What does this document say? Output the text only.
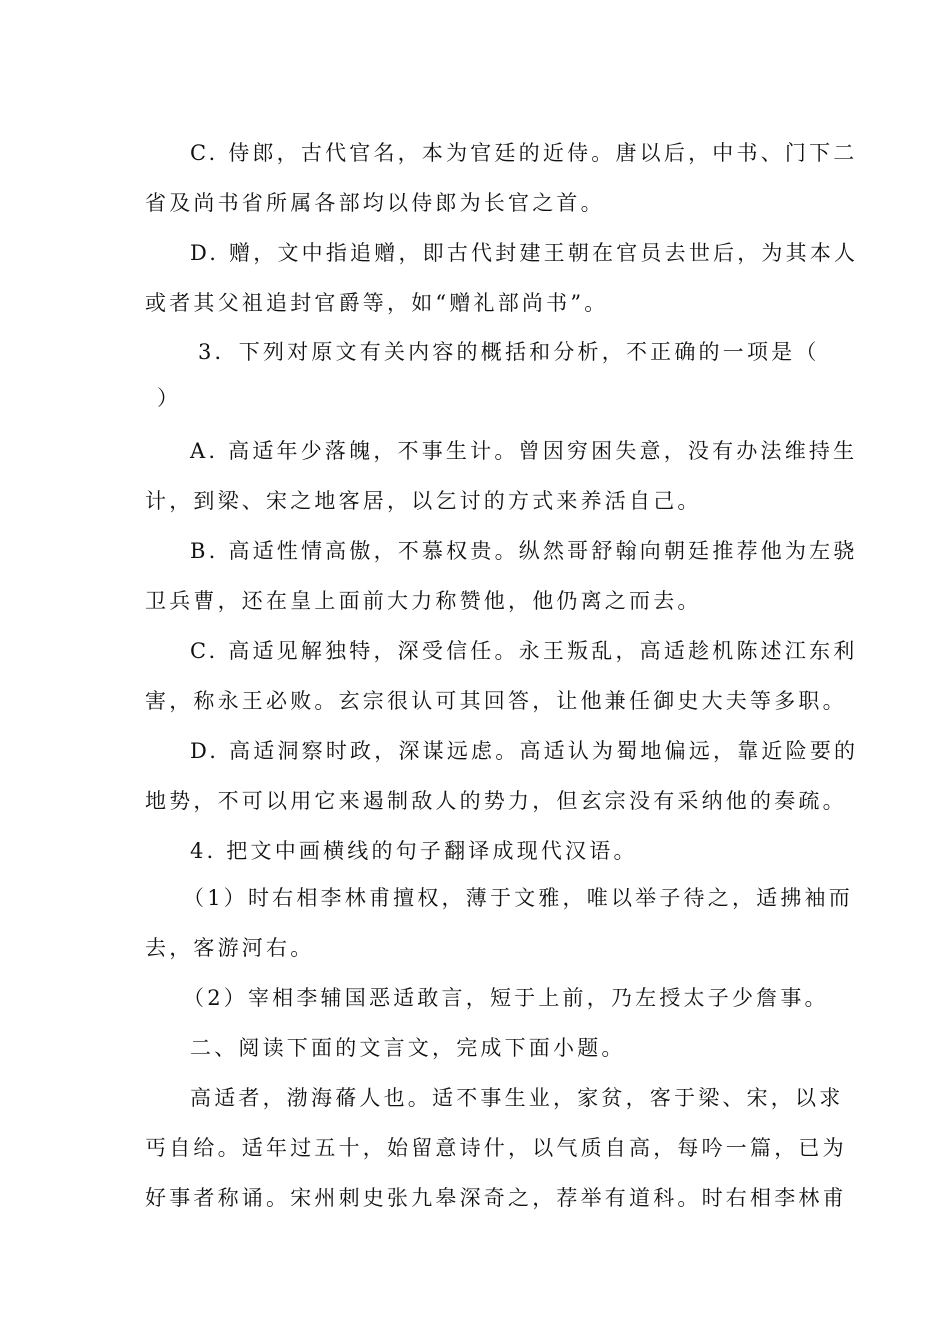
C. 侍郎，古代官名，本为官廷的近侍。唐以后，中书、门下二
省及尚书省所属各部均以侍郎为长官之首。
D. 赠，文中指追赠，即古代封建王朝在官员去世后，为其本人
或者其父祖追封官爵等，如“赠礼部尚书”。
3．下列对原文有关内容的概括和分析，不正确的一项是（
）
A. 高适年少落魄，不事生计。曾因穷困失意，没有办法维持生
计，到梁、宋之地客居，以乞讨的方式来养活自己。
B. 高适性情高傲，不慕权贵。纵然哥舒翰向朝廷推荐他为左骁
卫兵曹，还在皇上面前大力称赞他，他仍离之而去。
C. 高适见解独特，深受信任。永王叛乱，高适趁机陈述江东利
害，称永王必败。玄宗很认可其回答，让他兼任御史大夫等多职。
D. 高适洞察时政，深谋远虑。高适认为蜀地偏远，靠近险要的
地势，不可以用它来遏制敌人的势力，但玄宗没有采纳他的奏疏。
4. 把文中画横线的句子翻译成现代汉语。
（1）时右相李林甫擅权，薄于文雅，唯以举子待之，适拂袖而
去，客游河右。
（2）宰相李辅国恶适敢言，短于上前，乃左授太子少詹事。
二、阅读下面的文言文，完成下面小题。
高适者，渤海蓨人也。适不事生业，家贫，客于梁、宋，以求
丐自给。适年过五十，始留意诗什，以气质自高，每吟一篇，已为
好事者称诵。宋州刺史张九皋深奇之，荐举有道科。时右相李林甫
